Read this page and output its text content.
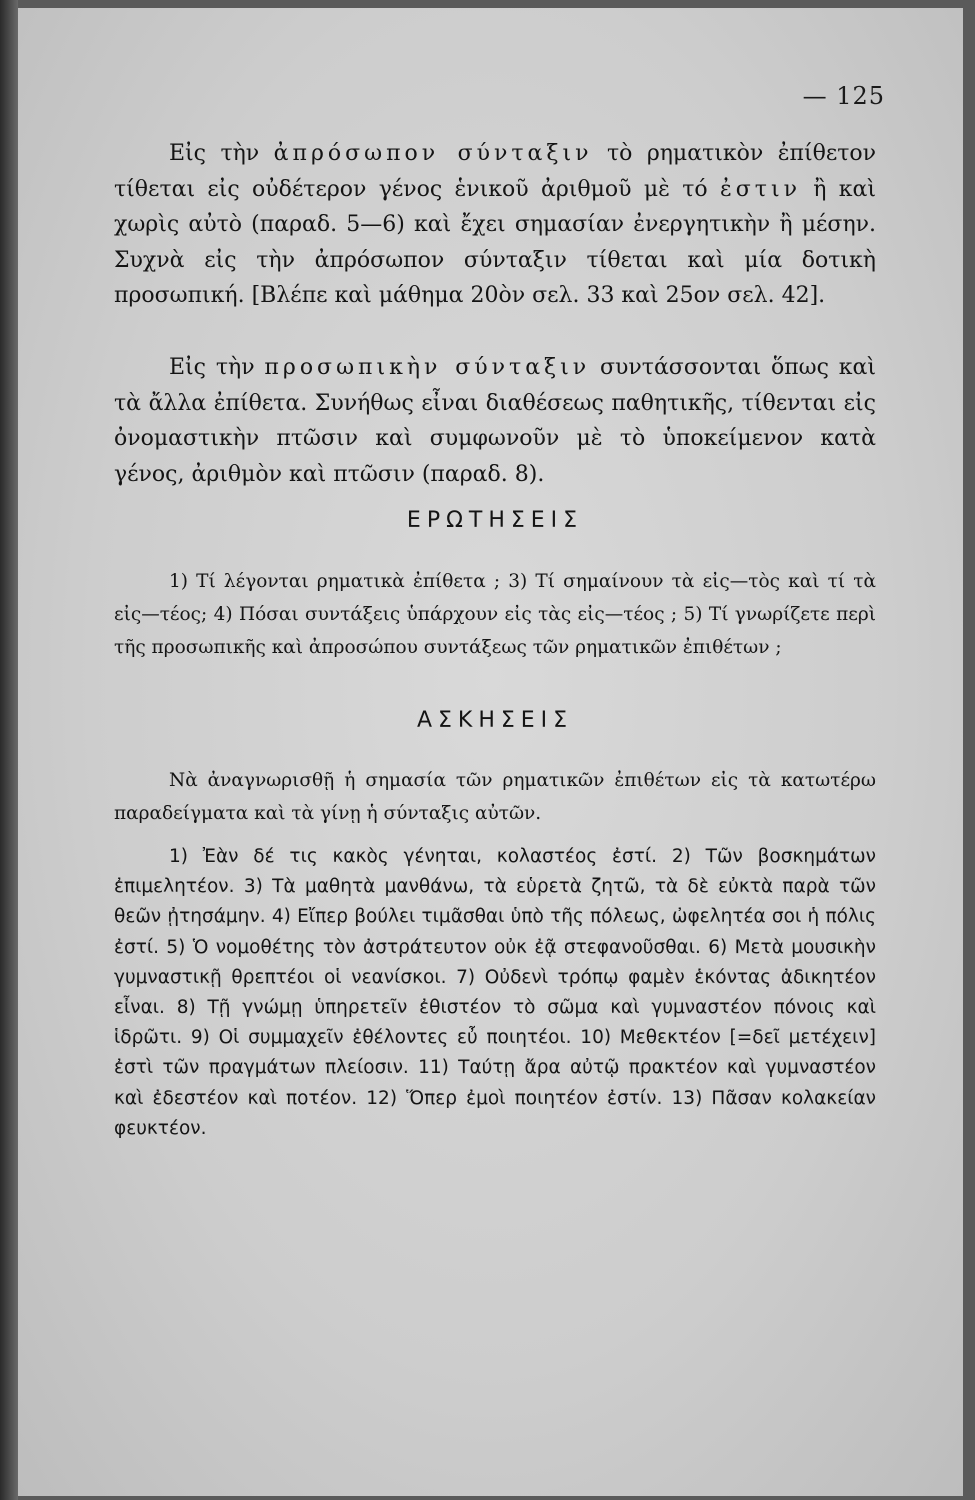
— 125

Εἰς τὴν ἀπρόσωπον σύνταξιν τὸ ρηματικὸν ἐπίθετον τίθεται εἰς οὐδέτερον γένος ἑνικοῦ ἀριθμοῦ μὲ τό ἐστιν ἢ καὶ χωρὶς αὐτὸ (παραδ. 5—6) καὶ ἔχει σημασίαν ἐνεργητικὴν ἢ μέσην. Συχνὰ εἰς τὴν ἀπρόσωπον σύνταξιν τίθεται καὶ μία δοτικὴ προσωπική. [Βλέπε καὶ μάθημα 20ὸν σελ. 33 καὶ 25ον σελ. 42].

Εἰς τὴν προσωπικὴν σύνταξιν συντάσσονται ὅπως καὶ τὰ ἄλλα ἐπίθετα. Συνήθως εἶναι διαθέσεως παθητικῆς, τίθενται εἰς ὀνομαστικὴν πτῶσιν καὶ συμφωνοῦν μὲ τὸ ὑποκείμενον κατὰ γένος, ἀριθμὸν καὶ πτῶσιν (παραδ. 8).

ΕΡΩΤΗΣΕΙΣ

1) Τί λέγονται ρηματικὰ ἐπίθετα ; 3) Τί σημαίνουν τὰ εἰς—τὸς καὶ τί τὰ εἰς—τέος; 4) Πόσαι συντάξεις ὑπάρχουν εἰς τὰς εἰς—τέος ; 5) Τί γνωρίζετε περὶ τῆς προσωπικῆς καὶ ἀπροσώπου συντάξεως τῶν ρηματικῶν ἐπιθέτων ;

ΑΣΚΗΣΕΙΣ

Νὰ ἀναγνωρισθῇ ἡ σημασία τῶν ρηματικῶν ἐπιθέτων εἰς τὰ κατωτέρω παραδείγματα καὶ τὰ γίνῃ ἡ σύνταξις αὐτῶν.

1) Ἐὰν δέ τις κακὸς γένηται, κολαστέος ἐστί. 2) Τῶν βοσκημάτων ἐπιμελητέον. 3) Τὰ μαθητὰ μανθάνω, τὰ εὑρετὰ ζητῶ, τὰ δὲ εὐκτὰ παρὰ τῶν θεῶν ᾐτησάμην. 4) Εἴπερ βούλει τιμᾶσθαι ὑπὸ τῆς πόλεως, ὠφελητέα σοι ἡ πόλις ἐστί. 5) Ὁ νομοθέτης τὸν ἀστράτευτον οὐκ ἐᾷ στεφανοῦσθαι. 6) Μετὰ μουσικὴν γυμναστικῇ θρεπτέοι οἱ νεανίσκοι. 7) Οὐδενὶ τρόπῳ φαμὲν ἑκόντας ἀδικητέον εἶναι. 8) Τῇ γνώμῃ ὑπηρετεῖν ἐθιστέον τὸ σῶμα καὶ γυμναστέον πόνοις καὶ ἱδρῶτι. 9) Οἱ συμμαχεῖν ἐθέλοντες εὖ ποιητέοι. 10) Μεθεκτέον [=δεῖ μετέχειν] ἐστὶ τῶν πραγμάτων πλείοσιν. 11) Ταύτῃ ἄρα αὐτῷ πρακτέον καὶ γυμναστέον καὶ ἐδεστέον καὶ ποτέον. 12) Ὅπερ ἐμοὶ ποιητέον ἐστίν. 13) Πᾶσαν κολακείαν φευκτέον.
